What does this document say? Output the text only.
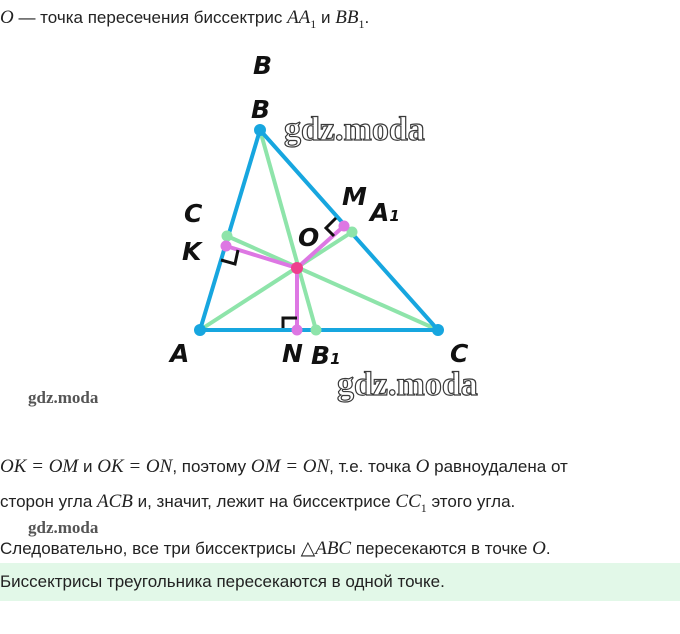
O — точка пересечения биссектрис $AA_1$ и $BB_1$.
B
B
A	C
C
K
M
A1
O
N B1
gdz.moda
gdz.moda
gdz.moda
gdz.moda
OK = OM и OK = ON, поэтому OM = ON, т.е. точка O равноудалена от
сторон угла ACB и, значит, лежит на биссектрисе $CC_1$ этого угла.
Следовательно, все три биссектрисы △ABC пересекаются в точке O.
Биссектрисы треугольника пересекаются в одной точке.
